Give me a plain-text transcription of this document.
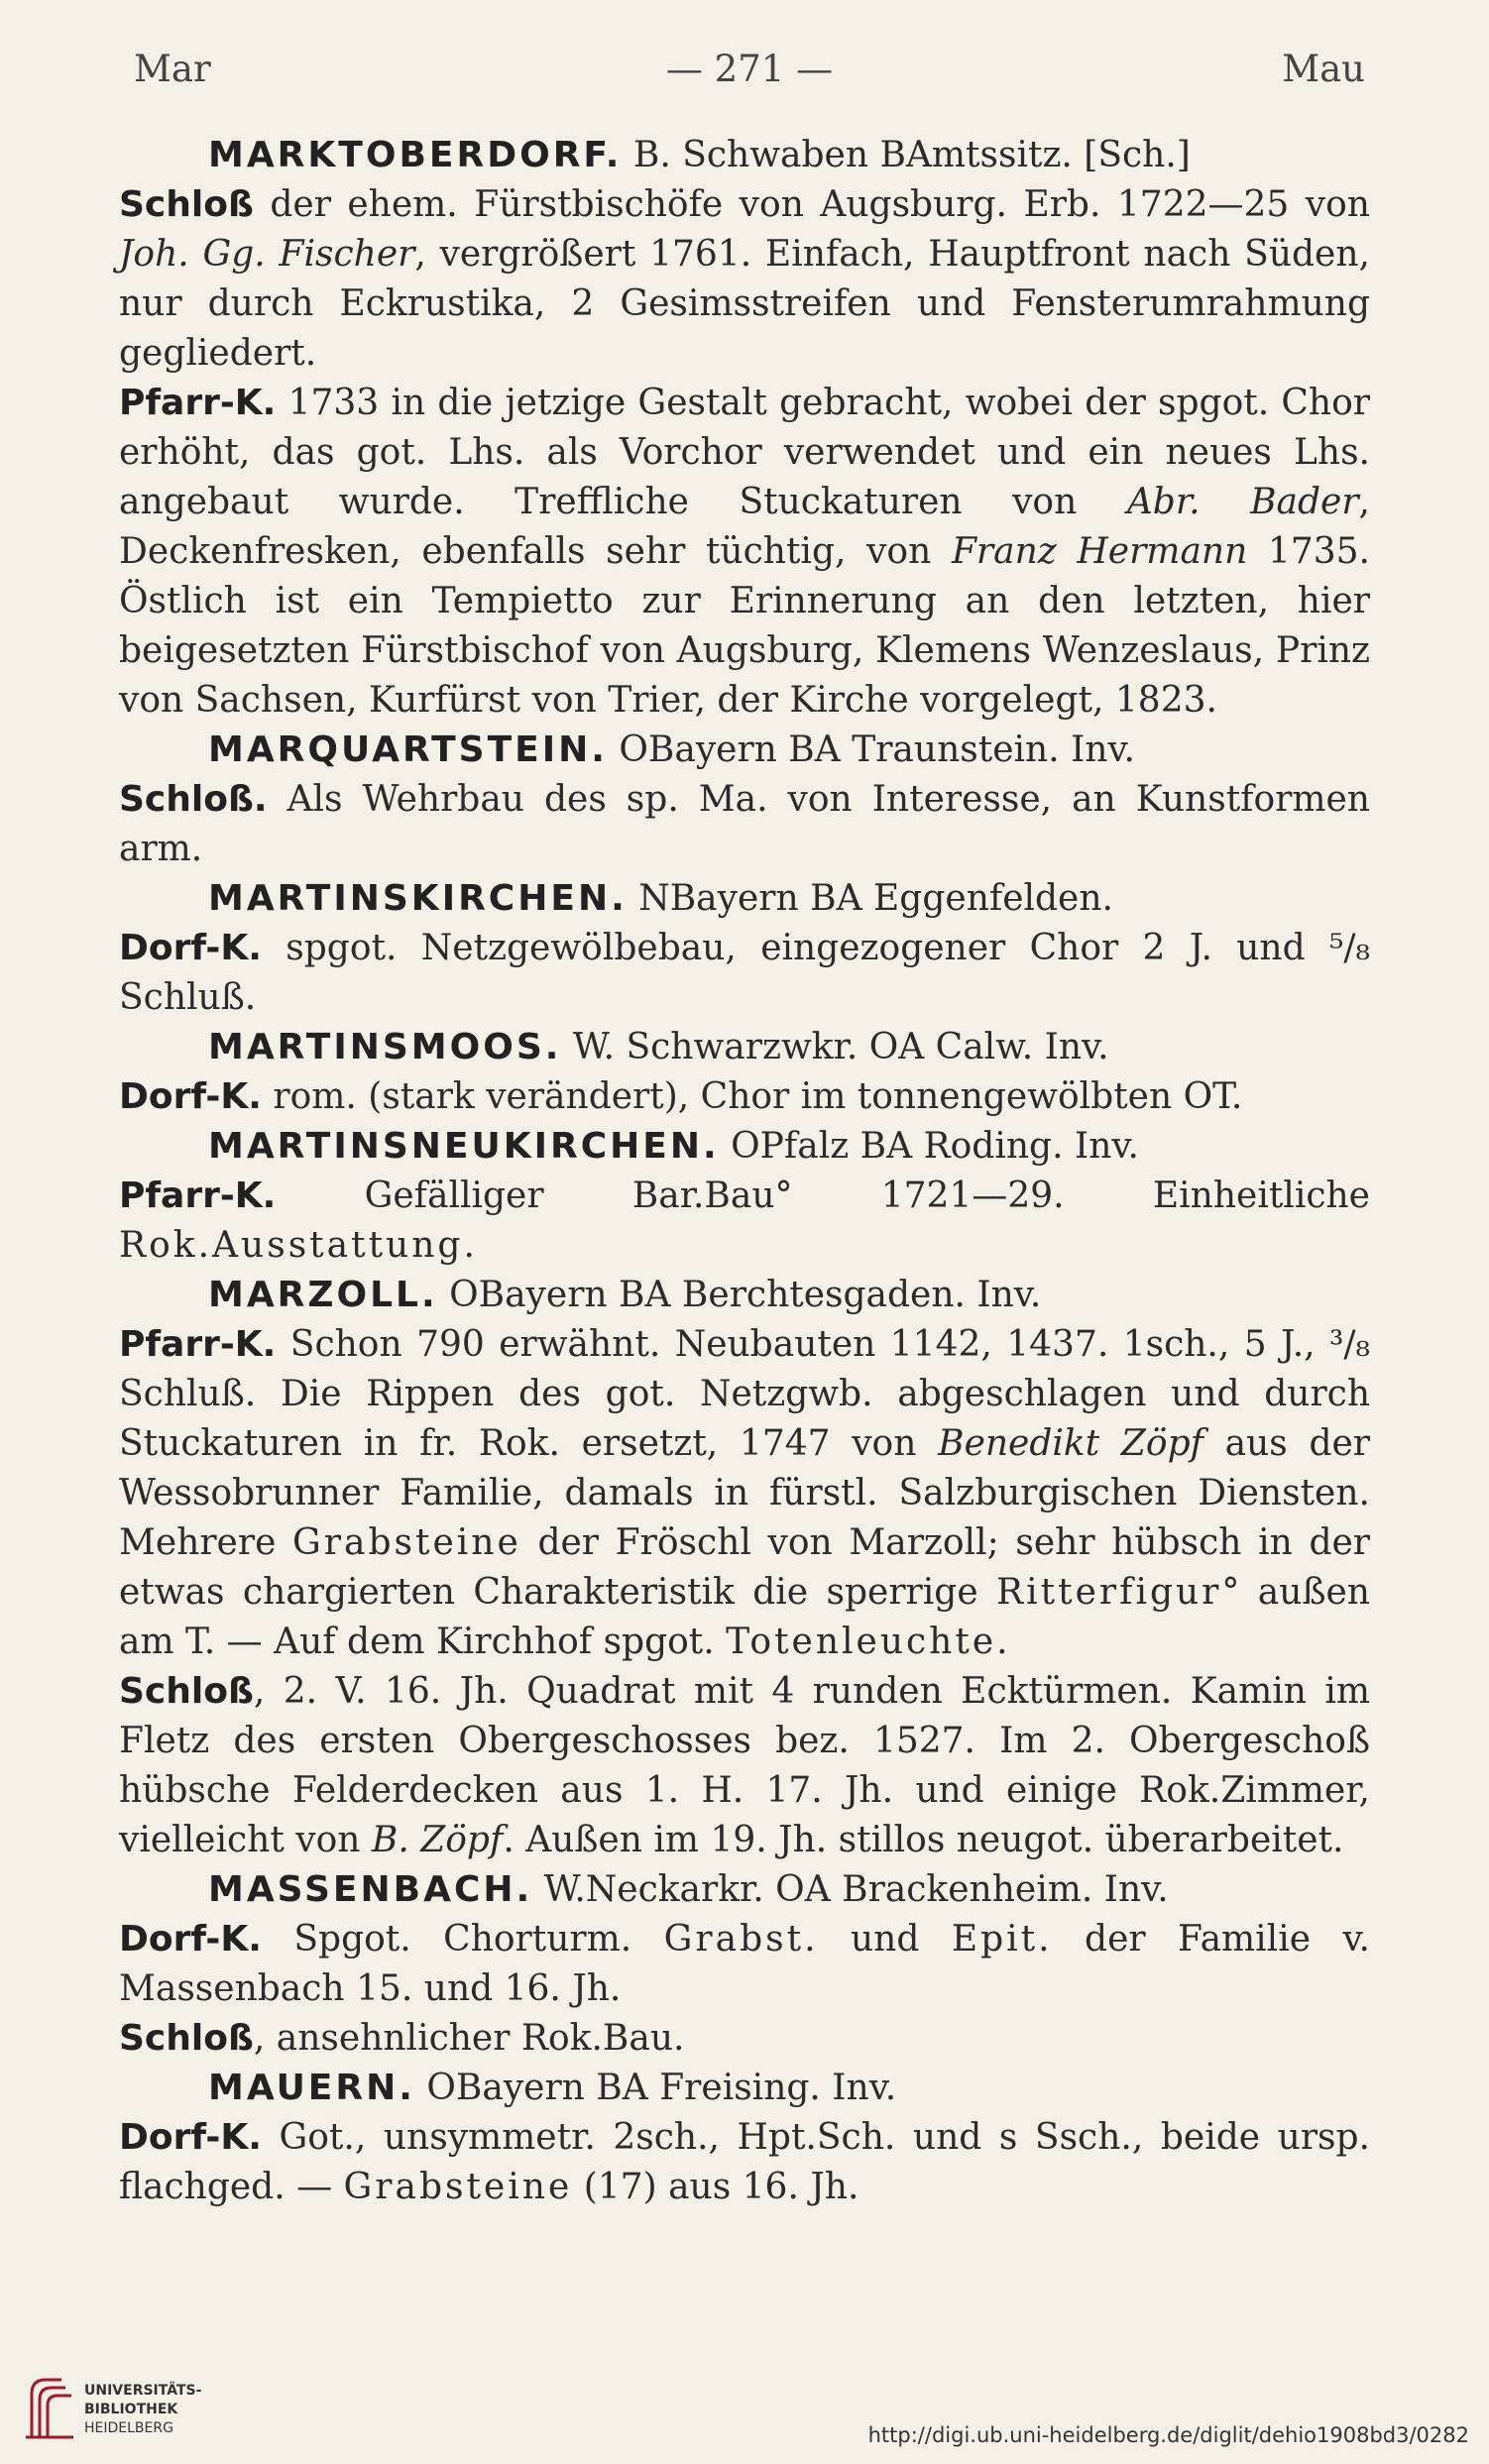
Mar	— 271 —	Mau

MARKTOBERDORF. B. Schwaben BAmtssitz. [Sch.]

Schloß der ehem. Fürstbischöfe von Augsburg. Erb. 1722—25 von Joh. Gg. Fischer, vergrößert 1761. Einfach, Hauptfront nach Süden, nur durch Eckrustika, 2 Gesimsstreifen und Fensterumrahmung gegliedert.

Pfarr-K. 1733 in die jetzige Gestalt gebracht, wobei der spgot. Chor erhöht, das got. Lhs. als Vorchor verwendet und ein neues Lhs. angebaut wurde. Treffliche Stuckaturen von Abr. Bader, Deckenfresken, ebenfalls sehr tüchtig, von Franz Hermann 1735. Östlich ist ein Tempietto zur Erinnerung an den letzten, hier beigesetzten Fürstbischof von Augsburg, Klemens Wenzeslaus, Prinz von Sachsen, Kurfürst von Trier, der Kirche vorgelegt, 1823.

MARQUARTSTEIN. OBayern BA Traunstein. Inv.

Schloß. Als Wehrbau des sp. Ma. von Interesse, an Kunstformen arm.

MARTINSKIRCHEN. NBayern BA Eggenfelden.

Dorf-K. spgot. Netzgewölbebau, eingezogener Chor 2 J. und ⁵/₈ Schluß.

MARTINSMOOS. W. Schwarzwkr. OA Calw. Inv.

Dorf-K. rom. (stark verändert), Chor im tonnengewölbten OT.

MARTINSNEUKIRCHEN. OPfalz BA Roding. Inv.

Pfarr-K. Gefälliger Bar.Bau° 1721—29. Einheitliche Rok.Ausstattung.

MARZOLL. OBayern BA Berchtesgaden. Inv.

Pfarr-K. Schon 790 erwähnt. Neubauten 1142, 1437. 1sch., 5 J., ³/₈ Schluß. Die Rippen des got. Netzgwb. abgeschlagen und durch Stuckaturen in fr. Rok. ersetzt, 1747 von Benedikt Zöpf aus der Wessobrunner Familie, damals in fürstl. Salzburgischen Diensten. Mehrere Grabsteine der Fröschl von Marzoll; sehr hübsch in der etwas chargierten Charakteristik die sperrige Ritterfigur° außen am T. — Auf dem Kirchhof spgot. Totenleuchte.

Schloß, 2. V. 16. Jh. Quadrat mit 4 runden Ecktürmen. Kamin im Fletz des ersten Obergeschosses bez. 1527. Im 2. Obergeschoß hübsche Felderdecken aus 1. H. 17. Jh. und einige Rok.Zimmer, vielleicht von B. Zöpf. Außen im 19. Jh. stillos neugot. überarbeitet.

MASSENBACH. W.Neckarkr. OA Brackenheim. Inv.

Dorf-K. Spgot. Chorturm. Grabst. und Epit. der Familie v. Massenbach 15. und 16. Jh.

Schloß, ansehnlicher Rok.Bau.

MAUERN. OBayern BA Freising. Inv.

Dorf-K. Got., unsymmetr. 2sch., Hpt.Sch. und s Ssch., beide ursp. flachged. — Grabsteine (17) aus 16. Jh.

UNIVERSITÄTS-
BIBLIOTHEK
HEIDELBERG	http://digi.ub.uni-heidelberg.de/diglit/dehio1908bd3/0282
